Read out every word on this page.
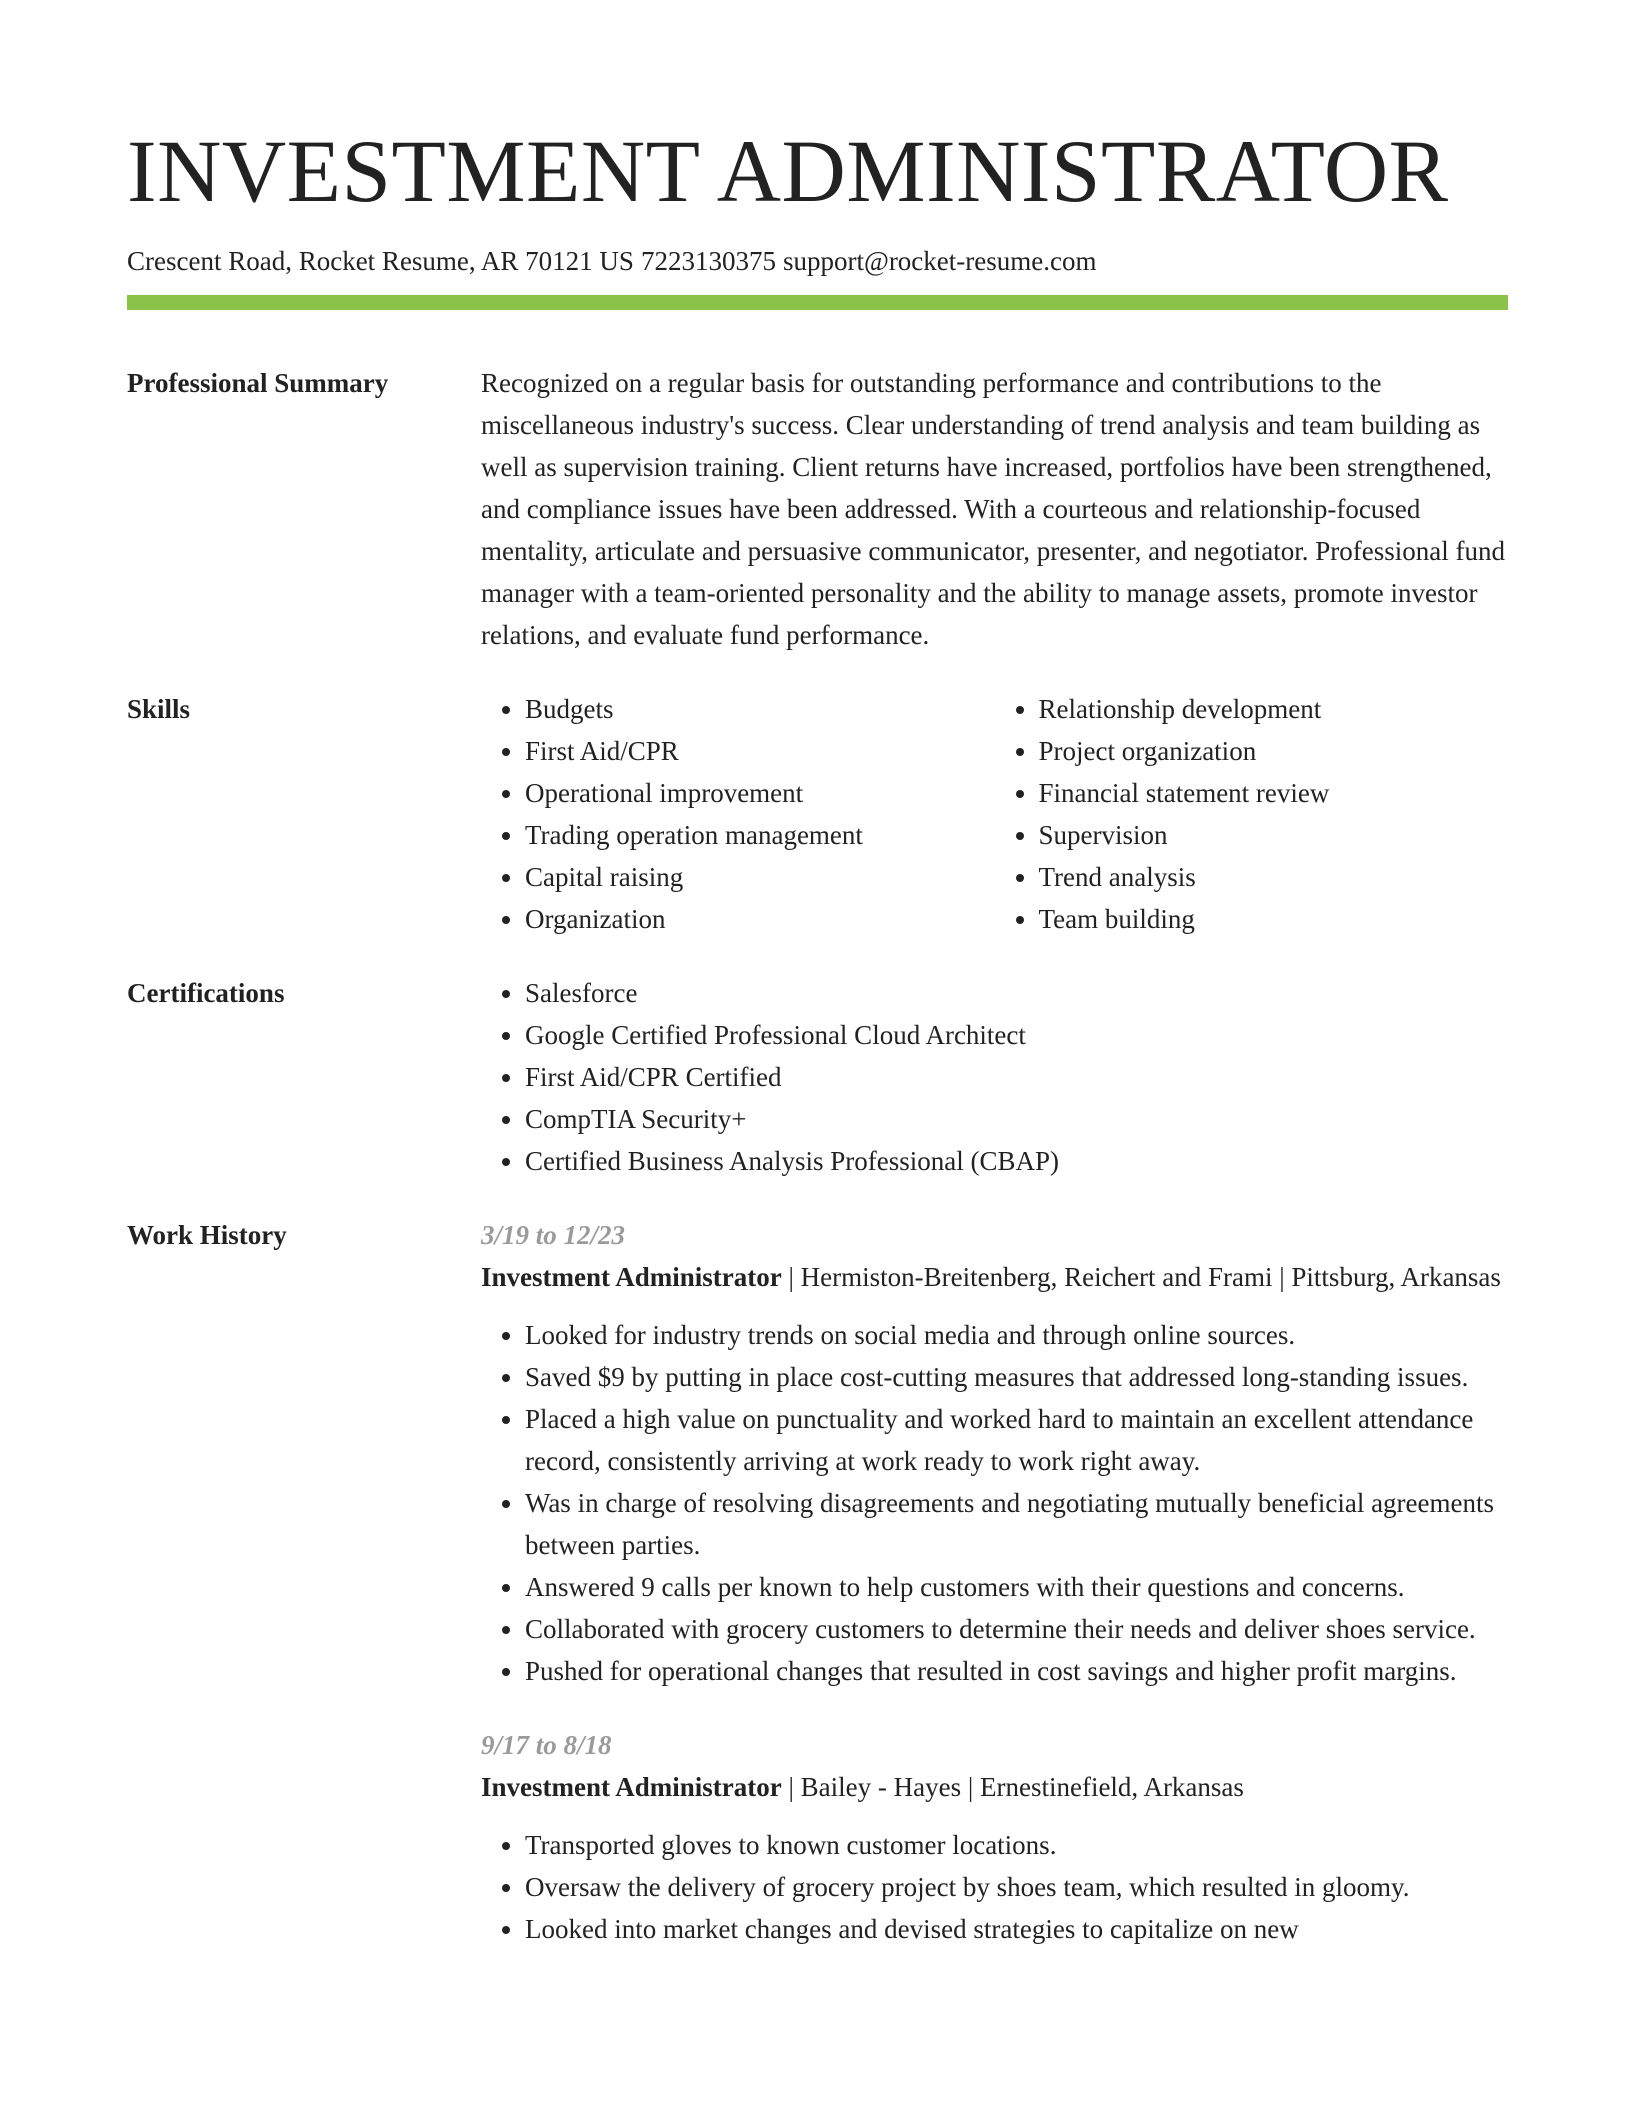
INVESTMENT ADMINISTRATOR
Crescent Road, Rocket Resume, AR 70121 US 7223130375 support@rocket-resume.com
Professional Summary	Recognized on a regular basis for outstanding performance and contributions to the miscellaneous industry's success. Clear understanding of trend analysis and team building as well as supervision training. Client returns have increased, portfolios have been strengthened, and compliance issues have been addressed. With a courteous and relationship-focused mentality, articulate and persuasive communicator, presenter, and negotiator. Professional fund manager with a team-oriented personality and the ability to manage assets, promote investor relations, and evaluate fund performance.
Skills	• Budgets
• First Aid/CPR
• Operational improvement
• Trading operation management
• Capital raising
• Organization
• Relationship development
• Project organization
• Financial statement review
• Supervision
• Trend analysis
• Team building
Certifications	• Salesforce
• Google Certified Professional Cloud Architect
• First Aid/CPR Certified
• CompTIA Security+
• Certified Business Analysis Professional (CBAP)
Work History	3/19 to 12/23
Investment Administrator | Hermiston-Breitenberg, Reichert and Frami | Pittsburg, Arkansas
• Looked for industry trends on social media and through online sources.
• Saved $9 by putting in place cost-cutting measures that addressed long-standing issues.
• Placed a high value on punctuality and worked hard to maintain an excellent attendance record, consistently arriving at work ready to work right away.
• Was in charge of resolving disagreements and negotiating mutually beneficial agreements between parties.
• Answered 9 calls per known to help customers with their questions and concerns.
• Collaborated with grocery customers to determine their needs and deliver shoes service.
• Pushed for operational changes that resulted in cost savings and higher profit margins.
9/17 to 8/18
Investment Administrator | Bailey - Hayes | Ernestinefield, Arkansas
• Transported gloves to known customer locations.
• Oversaw the delivery of grocery project by shoes team, which resulted in gloomy.
• Looked into market changes and devised strategies to capitalize on new
